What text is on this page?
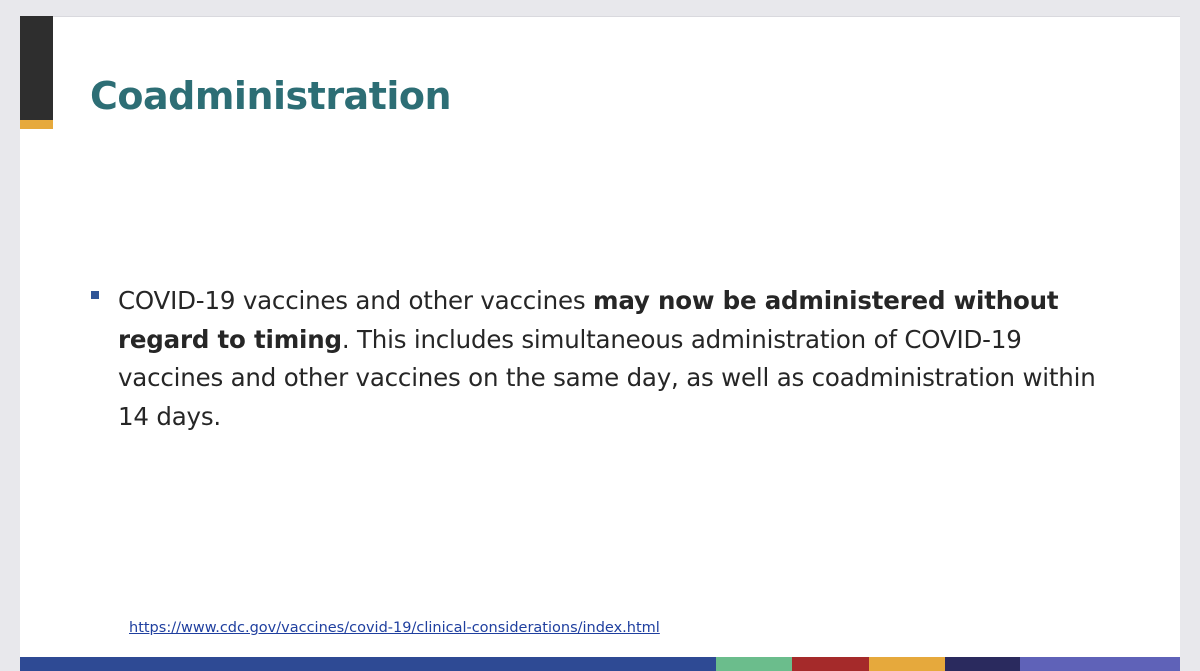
Coadministration

COVID-19 vaccines and other vaccines may now be administered without regard to timing. This includes simultaneous administration of COVID-19 vaccines and other vaccines on the same day, as well as coadministration within 14 days.

https://www.cdc.gov/vaccines/covid-19/clinical-considerations/index.html
